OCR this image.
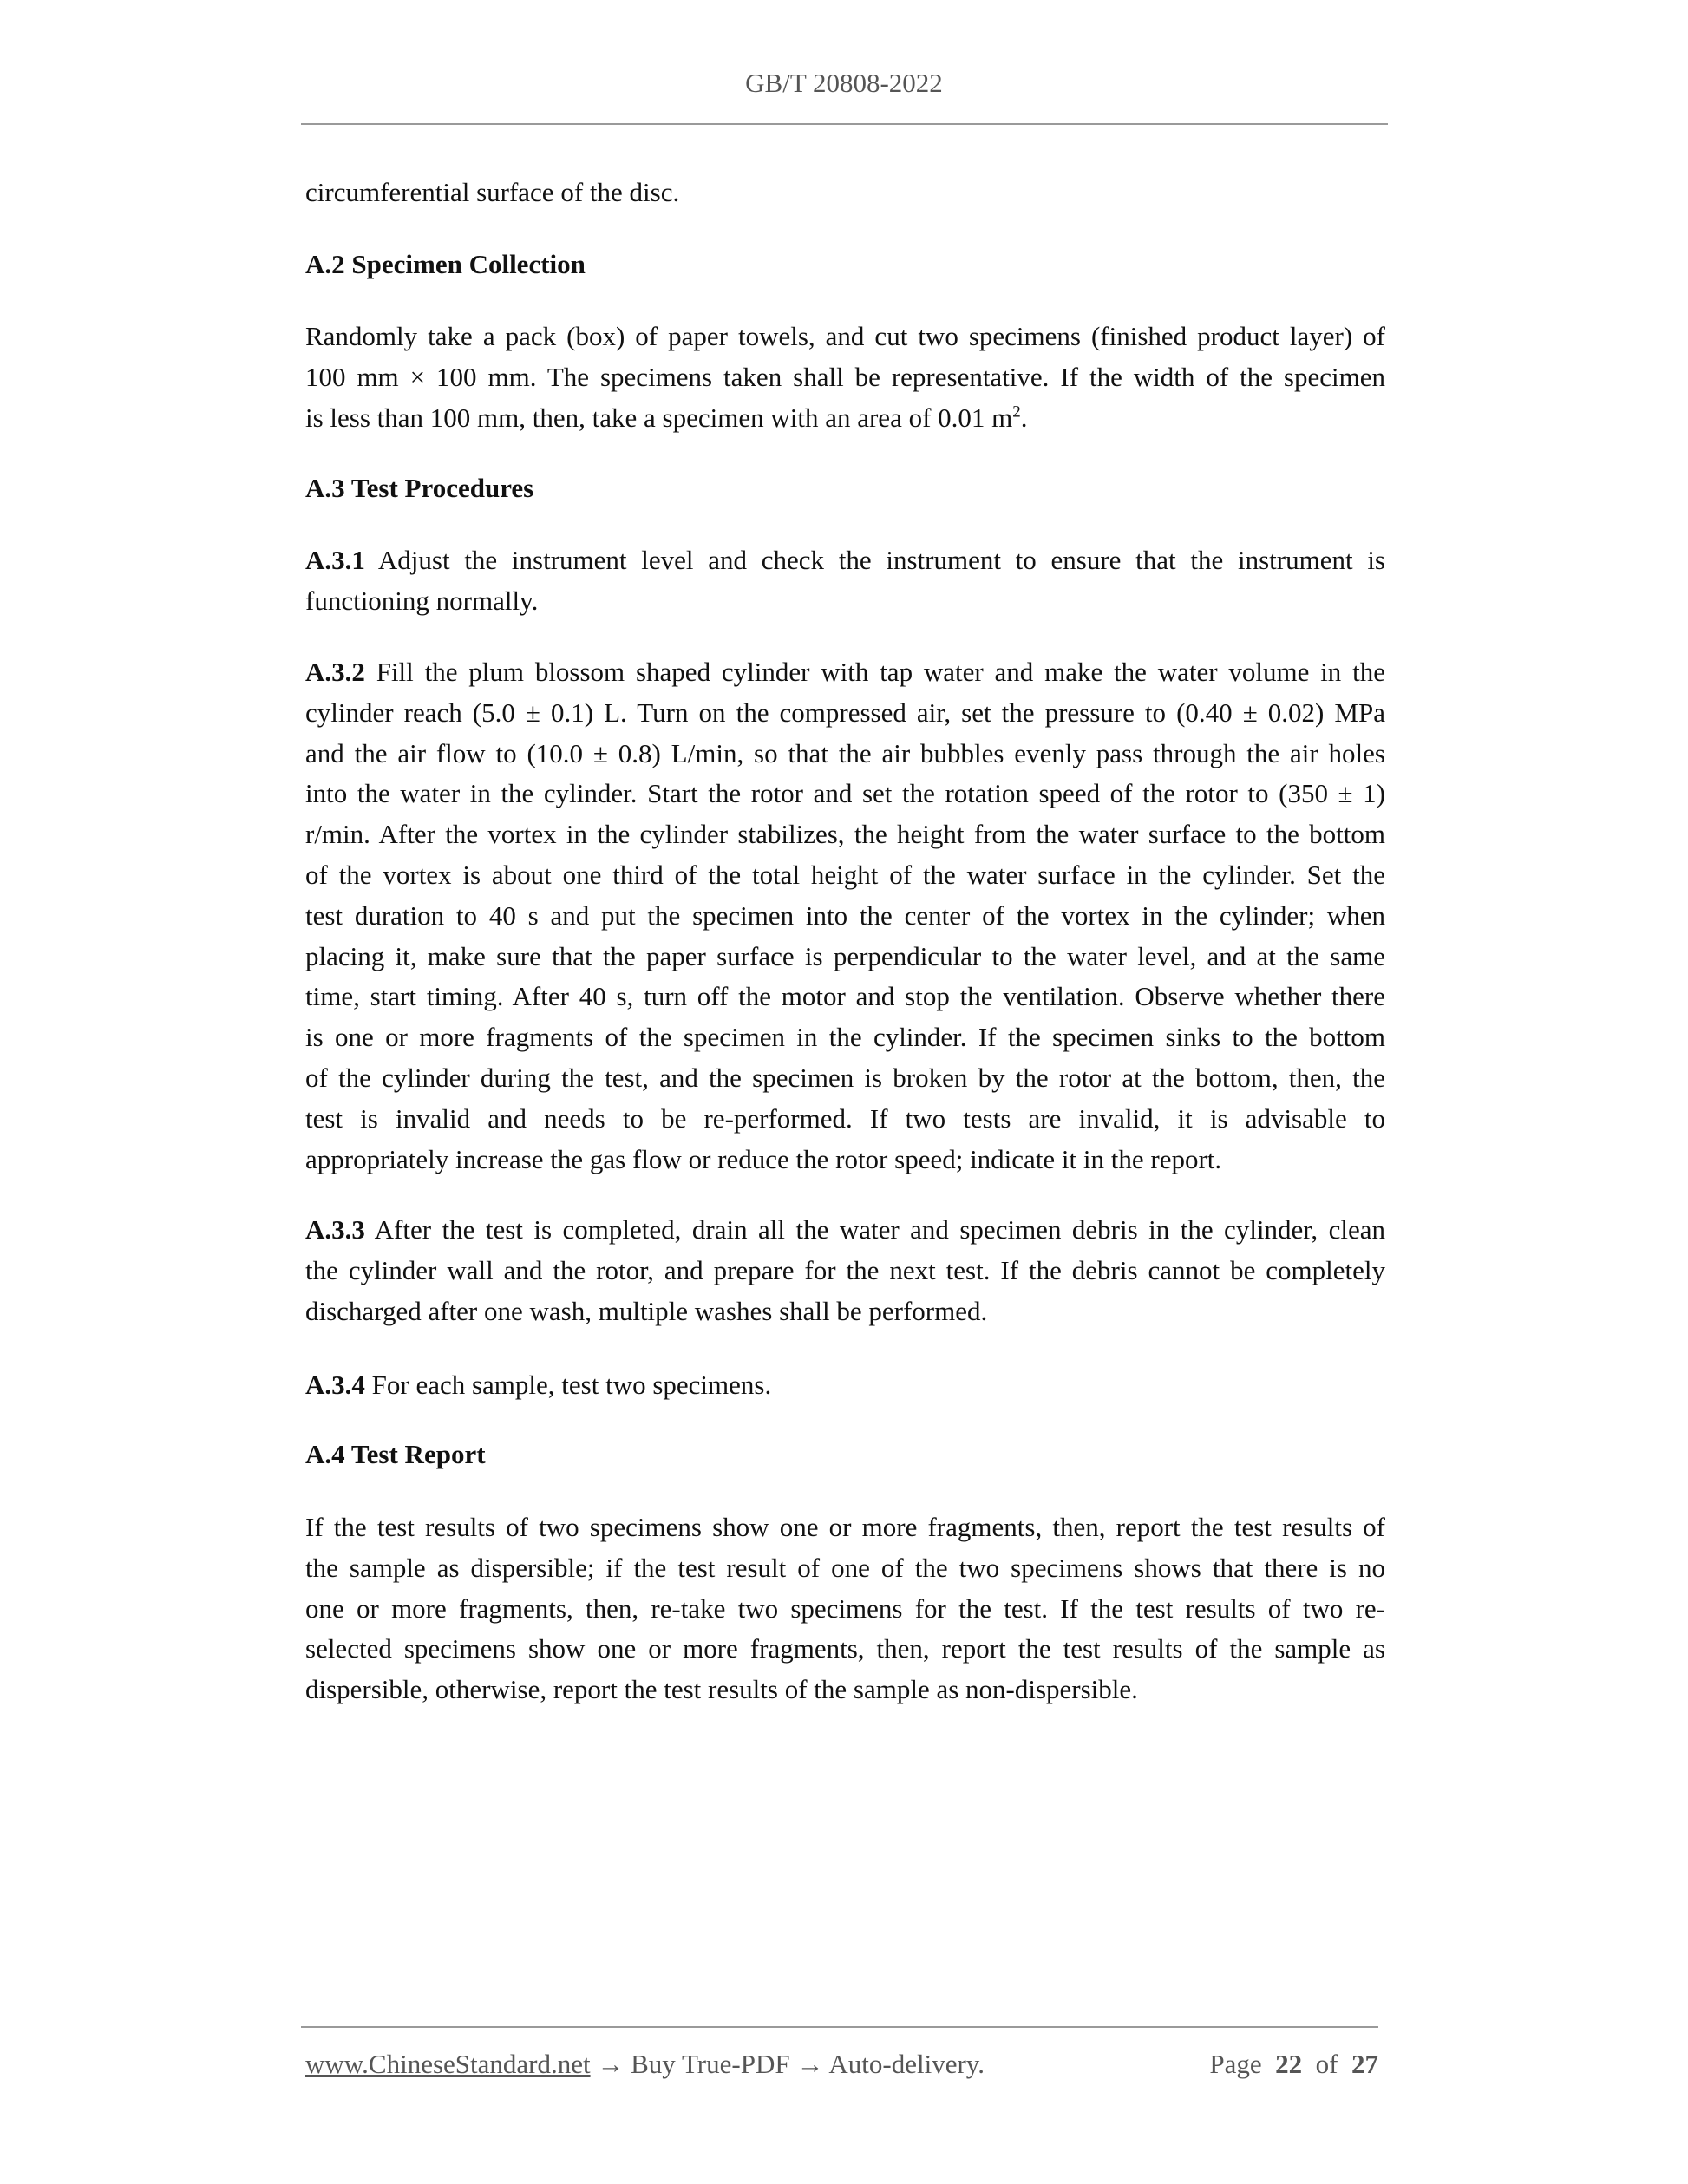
GB/T 20808-2022
circumferential surface of the disc.
A.2 Specimen Collection
Randomly take a pack (box) of paper towels, and cut two specimens (finished product layer) of
100 mm × 100 mm. The specimens taken shall be representative. If the width of the specimen
is less than 100 mm, then, take a specimen with an area of 0.01 $m^2$.
A.3 Test Procedures
A.3.1 Adjust the instrument level and check the instrument to ensure that the instrument is
functioning normally.
A.3.2 Fill the plum blossom shaped cylinder with tap water and make the water volume in the
cylinder reach (5.0 ± 0.1) L. Turn on the compressed air, set the pressure to (0.40 ± 0.02) MPa
and the air flow to (10.0 ± 0.8) L/min, so that the air bubbles evenly pass through the air holes
into the water in the cylinder. Start the rotor and set the rotation speed of the rotor to (350 ± 1)
r/min. After the vortex in the cylinder stabilizes, the height from the water surface to the bottom
of the vortex is about one third of the total height of the water surface in the cylinder. Set the
test duration to 40 s and put the specimen into the center of the vortex in the cylinder; when
placing it, make sure that the paper surface is perpendicular to the water level, and at the same
time, start timing. After 40 s, turn off the motor and stop the ventilation. Observe whether there
is one or more fragments of the specimen in the cylinder. If the specimen sinks to the bottom
of the cylinder during the test, and the specimen is broken by the rotor at the bottom, then, the
test is invalid and needs to be re-performed. If two tests are invalid, it is advisable to
appropriately increase the gas flow or reduce the rotor speed; indicate it in the report.
A.3.3 After the test is completed, drain all the water and specimen debris in the cylinder, clean
the cylinder wall and the rotor, and prepare for the next test. If the debris cannot be completely
discharged after one wash, multiple washes shall be performed.
A.3.4 For each sample, test two specimens.
A.4 Test Report
If the test results of two specimens show one or more fragments, then, report the test results of
the sample as dispersible; if the test result of one of the two specimens shows that there is no
one or more fragments, then, re-take two specimens for the test. If the test results of two re-
selected specimens show one or more fragments, then, report the test results of the sample as
dispersible, otherwise, report the test results of the sample as non-dispersible.
www.ChineseStandard.net → Buy True-PDF → Auto-delivery.	Page 22 of 27
